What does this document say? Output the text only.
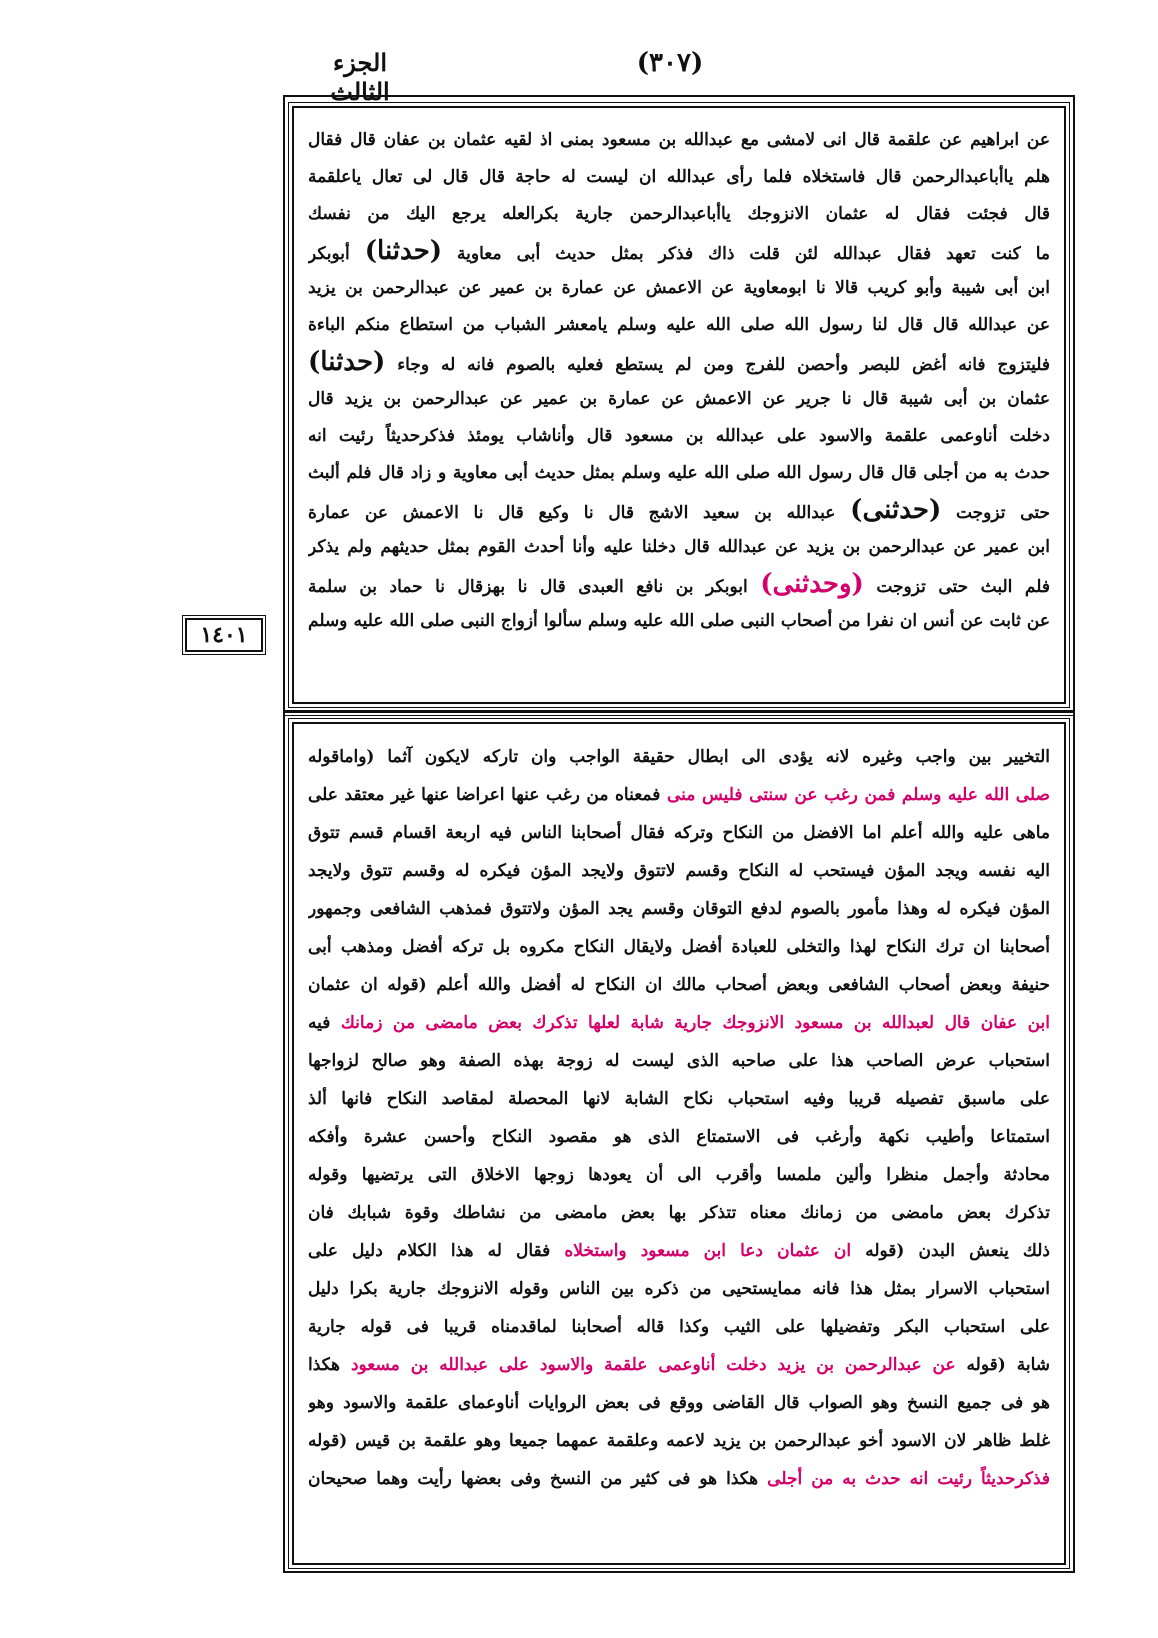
الجزء الثالث
(٣٠٧)
١٤٠١
عن ابراهيم عن علقمة قال انى لامشى مع عبدالله بن مسعود بمنى اذ لقيه عثمان بن عفان قال فقال
هلم ياأباعبدالرحمن قال فاستخلاه فلما رأى عبدالله ان ليست له حاجة قال قال لى تعال ياعلقمة
قال فجئت فقال له عثمان الانزوجك ياأباعبدالرحمن جارية بكرالعله يرجع اليك من نفسك
ما كنت تعهد فقال عبدالله لئن قلت ذاك فذكر بمثل حديث أبى معاوية (حدثنا) أبوبكر
ابن أبى شيبة وأبو كريب قالا نا ابومعاوية عن الاعمش عن عمارة بن عمير عن عبدالرحمن بن يزيد
عن عبدالله قال قال لنا رسول الله صلى الله عليه وسلم يامعشر الشباب من استطاع منكم الباءة
فليتزوج فانه أغض للبصر وأحصن للفرج ومن لم يستطع فعليه بالصوم فانه له وجاء (حدثنا)
عثمان بن أبى شيبة قال نا جرير عن الاعمش عن عمارة بن عمير عن عبدالرحمن بن يزيد قال
دخلت أناوعمى علقمة والاسود على عبدالله بن مسعود قال وأناشاب يومئذ فذكرحديثاً رئيت انه
حدث به من أجلى قال قال رسول الله صلى الله عليه وسلم بمثل حديث أبى معاوية و زاد قال فلم ألبث
حتى تزوجت (حدثنى) عبدالله بن سعيد الاشج قال نا وكيع قال نا الاعمش عن عمارة
ابن عمير عن عبدالرحمن بن يزيد عن عبدالله قال دخلنا عليه وأنا أحدث القوم بمثل حديثهم ولم يذكر
فلم البث حتى تزوجت (وحدثنى) ابوبكر بن نافع العبدى قال نا بهزقال نا حماد بن سلمة
عن ثابت عن أنس ان نفرا من أصحاب النبى صلى الله عليه وسلم سألوا أزواج النبى صلى الله عليه وسلم
التخيير بين واجب وغيره لانه يؤدى الى ابطال حقيقة الواجب وان تاركه لايكون آثما (واماقوله
صلى الله عليه وسلم فمن رغب عن سنتى فليس منى فمعناه من رغب عنها اعراضا عنها غير معتقد على
ماهى عليه والله أعلم اما الافضل من النكاح وتركه فقال أصحابنا الناس فيه اربعة اقسام قسم تتوق
اليه نفسه ويجد المؤن فيستحب له النكاح وقسم لاتتوق ولايجد المؤن فيكره له وقسم تتوق ولايجد
المؤن فيكره له وهذا مأمور بالصوم لدفع التوقان وقسم يجد المؤن ولاتتوق فمذهب الشافعى وجمهور
أصحابنا ان ترك النكاح لهذا والتخلى للعبادة أفضل ولايقال النكاح مكروه بل تركه أفضل ومذهب أبى
حنيفة وبعض أصحاب الشافعى وبعض أصحاب مالك ان النكاح له أفضل والله أعلم (قوله ان عثمان
ابن عفان قال لعبدالله بن مسعود الانزوجك جارية شابة لعلها تذكرك بعض مامضى من زمانك فيه
استحباب عرض الصاحب هذا على صاحبه الذى ليست له زوجة بهذه الصفة وهو صالح لزواجها
على ماسبق تفصيله قريبا وفيه استحباب نكاح الشابة لانها المحصلة لمقاصد النكاح فانها ألذ
استمتاعا وأطيب نكهة وأرغب فى الاستمتاع الذى هو مقصود النكاح وأحسن عشرة وأفكه
محادثة وأجمل منظرا وألين ملمسا وأقرب الى أن يعودها زوجها الاخلاق التى يرتضيها وقوله
تذكرك بعض مامضى من زمانك معناه تتذكر بها بعض مامضى من نشاطك وقوة شبابك فان
ذلك ينعش البدن (قوله ان عثمان دعا ابن مسعود واستخلاه فقال له هذا الكلام دليل على
استحباب الاسرار بمثل هذا فانه ممايستحيى من ذكره بين الناس وقوله الانزوجك جارية بكرا دليل
على استحباب البكر وتفضيلها على الثيب وكذا قاله أصحابنا لماقدمناه قريبا فى قوله جارية
شابة (قوله عن عبدالرحمن بن يزيد دخلت أناوعمى علقمة والاسود على عبدالله بن مسعود هكذا
هو فى جميع النسخ وهو الصواب قال القاضى ووقع فى بعض الروايات أناوعماى علقمة والاسود وهو
غلط ظاهر لان الاسود أخو عبدالرحمن بن يزيد لاعمه وعلقمة عمهما جميعا وهو علقمة بن قيس (قوله
فذكرحديثاً رئيت انه حدث به من أجلى هكذا هو فى كثير من النسخ وفى بعضها رأيت وهما صحيحان
